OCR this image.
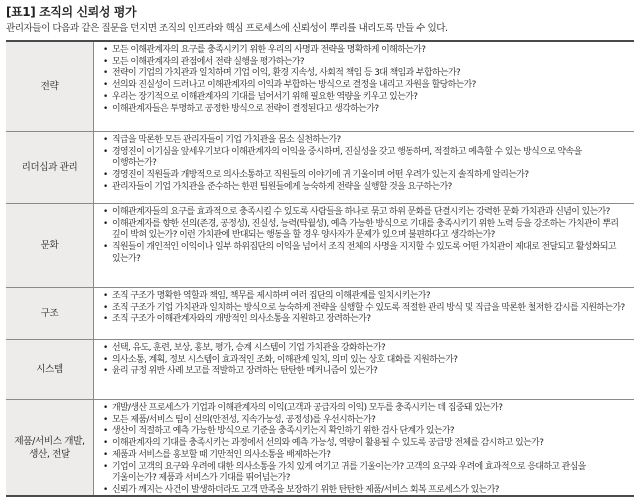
[표1] 조직의 신뢰성 평가
관리자들이 다음과 같은 질문을 던지면 조직의 인프라와 핵심 프로세스에 신뢰성이 뿌리를 내리도록 만들 수 있다.
전략
• 모든 이해관계자의 요구를 충족시키기 위한 우리의 사명과 전략을 명확하게 이해하는가?
• 모든 이해관계자의 관점에서 전략 실행을 평가하는가?
• 전략이 기업의 가치관과 일치하며 기업 이익, 환경 지속성, 사회적 책임 등 3대 책임과 부합하는가?
• 선의와 진실성이 드러나고 이해관계자의 이익과 부합하는 방식으로 결정을 내리고 자원을 할당하는가?
• 우리는 장기적으로 이해관계자의 기대를 넘어서기 위해 필요한 역량을 키우고 있는가?
• 이해관계자들은 투명하고 공정한 방식으로 전략이 결정된다고 생각하는가?
리더십과 관리
• 직급을 막론한 모든 관리자들이 기업 가치관을 몸소 실천하는가?
• 경영진이 이기심을 앞세우기보다 이해관계자의 이익을 중시하며, 진실성을 갖고 행동하며, 적절하고 예측할 수 있는 방식으로 약속을
이행하는가?
• 경영진이 직원들과 개방적으로 의사소통하고 직원들의 이야기에 귀 기울이며 어떤 우려가 있는지 솔직하게 알리는가?
• 관리자들이 기업 가치관을 준수하는 한편 팀원들에게 능숙하게 전략을 실행할 것을 요구하는가?
문화
• 이해관계자들의 요구를 효과적으로 충족시킬 수 있도록 사람들을 하나로 묶고 하위 문화를 단결시키는 강력한 문화 가치관과 신념이 있는가?
• 이해관계자를 향한 선의(존경, 공정성), 진실성, 능력(탁월성), 예측 가능한 방식으로 기대를 충족시키기 위한 노력 등을 강조하는 가치관이 뿌리
깊이 박혀 있는가? 이런 가치관에 반대되는 행동을 할 경우 양사자가 문제가 있으며 불편하다고 생각하는가?
• 직원들이 개인적인 이익이나 일부 하위집단의 이익을 넘어서 조직 전체의 사명을 지지할 수 있도록 어떤 가치관이 제대로 전달되고 활성화되고
있는가?
구조
• 조직 구조가 명확한 역할과 책임, 책무를 제시하며 여러 집단의 이해관계를 일치시키는가?
• 조직 구조가 기업 가치관과 일치하는 방식으로 능숙하게 전략을 실행할 수 있도록 적절한 관리 방식 및 직급을 막론한 철저한 감시를 지원하는가?
• 조직 구조가 이해관계자와의 개방적인 의사소통을 지원하고 장려하는가?
시스템
• 선택, 유도, 훈련, 보상, 홍보, 평가, 승계 시스템이 기업 가치관을 강화하는가?
• 의사소통, 계획, 정보 시스템이 효과적인 조화, 이해관계 일치, 의미 있는 상호 대화를 지원하는가?
• 윤리 규정 위반 사례 보고를 적발하고 장려하는 탄탄한 메커니즘이 있는가?
제품/서비스 개발,
생산, 전달
• 개발/생산 프로세스가 기업과 이해관계자의 이익(고객과 공급자의 이익) 모두를 충족시키는 데 집중돼 있는가?
• 모든 제품/서비스 팀이 선의(안전성, 지속가능성, 공정성)를 우선시하는가?
• 생산이 적절하고 예측 가능한 방식으로 기준을 충족시키는지 확인하기 위한 검사 단계가 있는가?
• 이해관계자의 기대를 충족시키는 과정에서 선의와 예측 가능성, 역량이 활용될 수 있도록 공급망 전체를 감시하고 있는가?
• 제품과 서비스를 홍보할 때 기만적인 의사소통을 배제하는가?
• 기업이 고객의 요구와 우려에 대한 의사소통을 가치 있게 여기고 귀를 기울이는가? 고객의 요구와 우려에 효과적으로 응대하고 관심을
기울이는가? 제품과 서비스가 기대를 뛰어넘는가?
• 신뢰가 깨지는 사건이 발생하더라도 고객 만족을 보장하기 위한 탄탄한 제품/서비스 회복 프로세스가 있는가?
